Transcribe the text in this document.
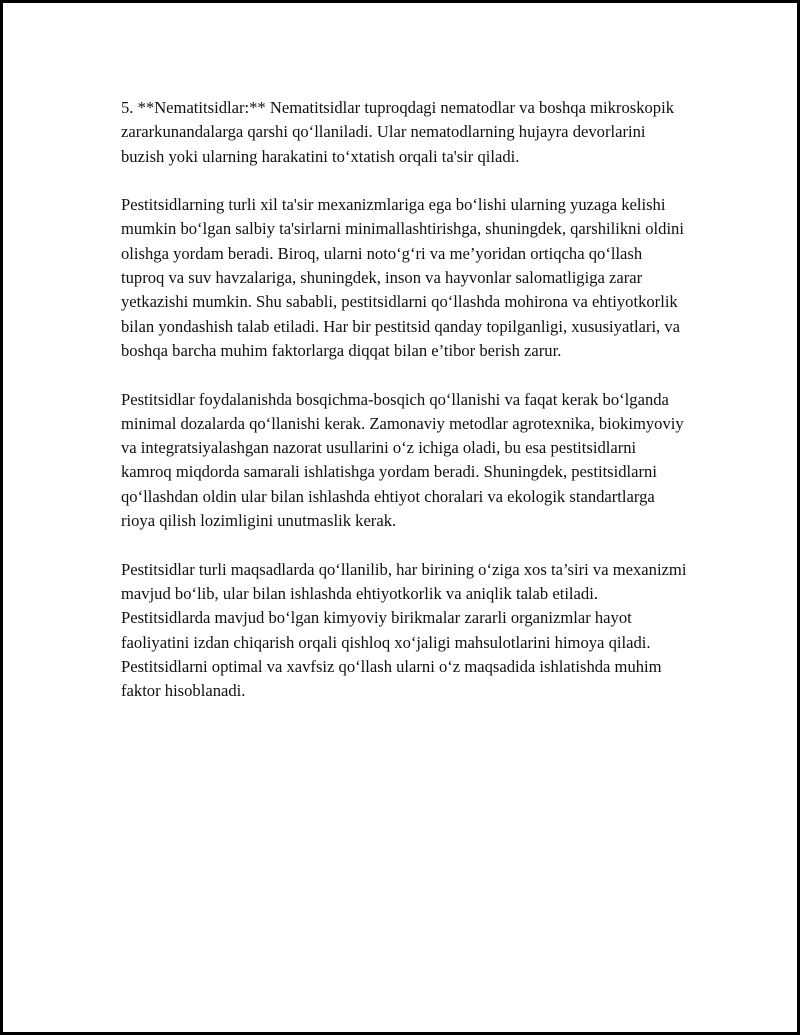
5. **Nematitsidlar:** Nematitsidlar tuproqdagi nematodlar va boshqa mikroskopik zararkunandalarga qarshi qo‘llaniladi. Ular nematodlarning hujayra devorlarini buzish yoki ularning harakatini to‘xtatish orqali ta'sir qiladi.

Pestitsidlarning turli xil ta'sir mexanizmlariga ega bo‘lishi ularning yuzaga kelishi mumkin bo‘lgan salbiy ta'sirlarni minimallashtirishga, shuningdek, qarshilikni oldini olishga yordam beradi. Biroq, ularni noto‘g‘ri va me’yoridan ortiqcha qo‘llash tuproq va suv havzalariga, shuningdek, inson va hayvonlar salomatligiga zarar yetkazishi mumkin. Shu sababli, pestitsidlarni qo‘llashda mohirona va ehtiyotkorlik bilan yondashish talab etiladi. Har bir pestitsid qanday topilganligi, xususiyatlari, va boshqa barcha muhim faktorlarga diqqat bilan e’tibor berish zarur.

Pestitsidlar foydalanishda bosqichma-bosqich qo‘llanishi va faqat kerak bo‘lganda minimal dozalarda qo‘llanishi kerak. Zamonaviy metodlar agrotexnika, biokimyoviy va integratsiyalashgan nazorat usullarini o‘z ichiga oladi, bu esa pestitsidlarni kamroq miqdorda samarali ishlatishga yordam beradi. Shuningdek, pestitsidlarni qo‘llashdan oldin ular bilan ishlashda ehtiyot choralari va ekologik standartlarga rioya qilish lozimligini unutmaslik kerak.

Pestitsidlar turli maqsadlarda qo‘llanilib, har birining o‘ziga xos ta’siri va mexanizmi mavjud bo‘lib, ular bilan ishlashda ehtiyotkorlik va aniqlik talab etiladi. Pestitsidlarda mavjud bo‘lgan kimyoviy birikmalar zararli organizmlar hayot faoliyatini izdan chiqarish orqali qishloq xo‘jaligi mahsulotlarini himoya qiladi. Pestitsidlarni optimal va xavfsiz qo‘llash ularni o‘z maqsadida ishlatishda muhim faktor hisoblanadi.
